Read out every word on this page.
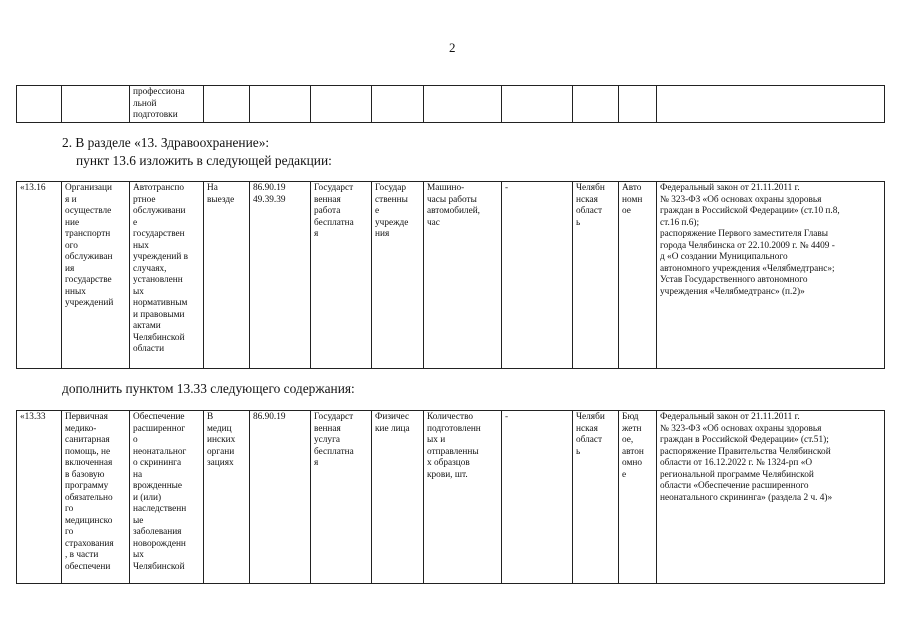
2
		профессиона
льной
подготовки									
2. В разделе «13. Здравоохранение»:
пункт 13.6 изложить в следующей редакции:
«13.16	Организаци
я и
осуществле
ние
транспортн
ого
обслуживан
ия
государстве
нных
учреждений	Автотранспо
ртное
обслуживани
е
государствен
ных
учреждений в
случаях,
установленн
ых
нормативным
и правовыми
актами
Челябинской
области	На
выезде	86.90.19
49.39.39	Государст
венная
работа
бесплатна
я	Государ
ственны
е
учрежде
ния	Машино-
часы работы
автомобилей,
час	-	Челябн
нская
област
ь	Авто
номн
ое	Федеральный закон от 21.11.2011 г.
№ 323-ФЗ «Об основах охраны здоровья
граждан в Российской Федерации» (ст.10 п.8,
ст.16 п.6);
распоряжение Первого заместителя Главы
города Челябинска от 22.10.2009 г. № 4409 -
д «О создании Муниципального
автономного учреждения «Челябмедтранс»;
Устав Государственного автономного
учреждения «Челябмедтранс» (п.2)»
дополнить пунктом 13.33 следующего содержания:
«13.33	Первичная
медико-
санитарная
помощь, не
включенная
в базовую
программу
обязательно
го
медицинско
го
страхования
, в части
обеспечени	Обеспечение
расширенног
о
неонатальног
о скрининга
на
врожденные
и (или)
наследственн
ые
заболевания
новорожденн
ых
Челябинской	В
медиц
инских
органи
зациях	86.90.19	Государст
венная
услуга
бесплатна
я	Физичес
кие лица	Количество
подготовленн
ых и
отправленны
х образцов
крови, шт.	-	Челяби
нская
област
ь	Бюд
жетн
ое,
автон
омно
е	Федеральный закон от 21.11.2011 г.
№ 323-ФЗ «Об основах охраны здоровья
граждан в Российской Федерации» (ст.51);
распоряжение Правительства Челябинской
области от 16.12.2022 г. № 1324-рп «О
региональной программе Челябинской
области «Обеспечение расширенного
неонатального скрининга» (раздела 2 ч. 4)»
